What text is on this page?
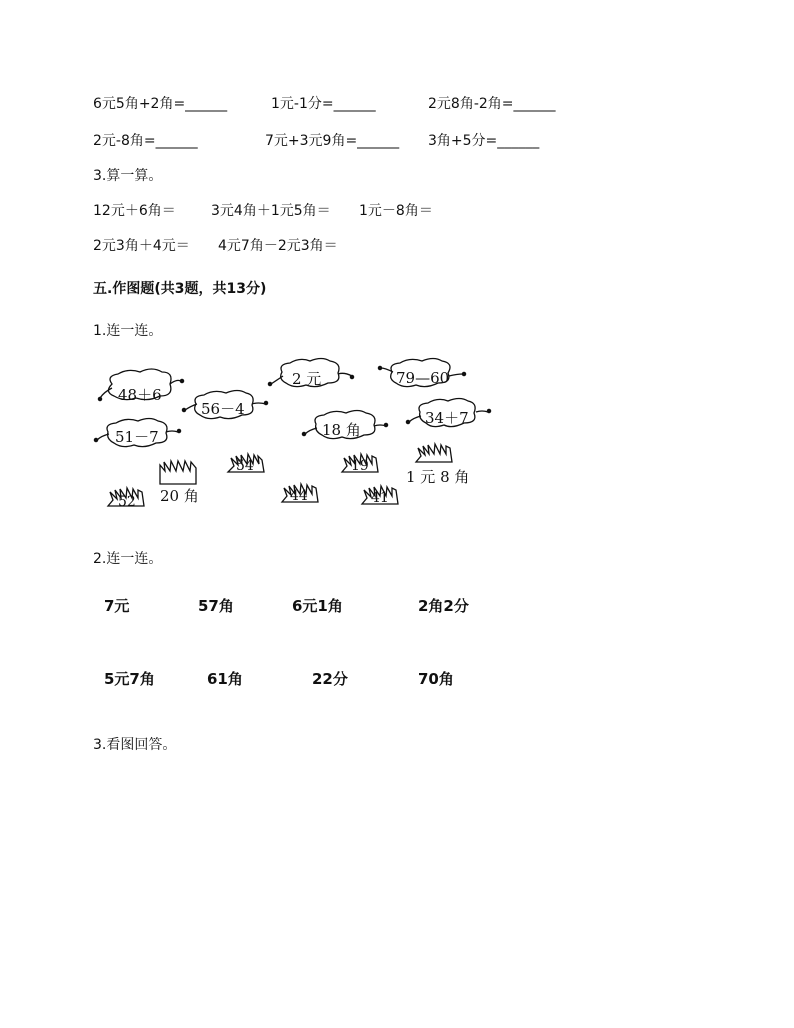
6元5角+2角=______	1元-1分=______	2元8角-2角=______
2元-8角=______	7元+3元9角=______ 3角+5分=______
3.算一算。
12元＋6角＝	3元4角＋1元5角＝ 1元－8角＝
2元3角＋4元＝ 4元7角－2元3角＝
五.作图题(共3题，共13分)
1.连一连。
48＋6
2 元	79—60
56－4
18 角
34＋7
51－7
54	19
44	41
52
1 元 8 角
20 角
2.连一连。
7元	57角	6元1角	2角2分
5元7角	61角	22分	70角
3.看图回答。
